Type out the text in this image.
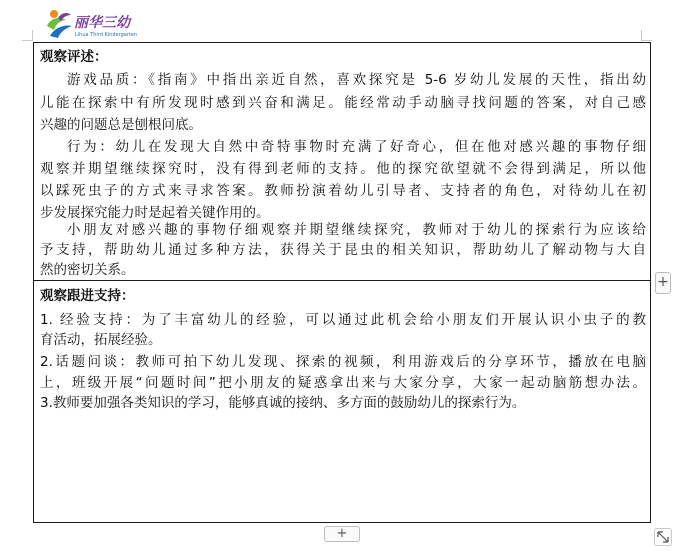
丽华三幼
Lihua Third Kindergarten
观察评述：
游戏品质：《指南》中指出亲近自然，喜欢探究是 5-6 岁幼儿发展的天性，指出幼
儿能在探索中有所发现时感到兴奋和满足。能经常动手动脑寻找问题的答案，对自己感
兴趣的问题总是刨根问底。
行为：幼儿在发现大自然中奇特事物时充满了好奇心，但在他对感兴趣的事物仔细
观察并期望继续探究时，没有得到老师的支持。他的探究欲望就不会得到满足，所以他
以踩死虫子的方式来寻求答案。教师扮演着幼儿引导者、支持者的角色，对待幼儿在初
步发展探究能力时是起着关键作用的。
小朋友对感兴趣的事物仔细观察并期望继续探究，教师对于幼儿的探索行为应该给
予支持，帮助幼儿通过多种方法，获得关于昆虫的相关知识，帮助幼儿了解动物与大自
然的密切关系。
观察跟进支持：
1. 经验支持：为了丰富幼儿的经验，可以通过此机会给小朋友们开展认识小虫子的教
育活动，拓展经验。
2.话题问谈：教师可拍下幼儿发现、探索的视频，利用游戏后的分享环节，播放在电脑
上，班级开展“问题时间”把小朋友的疑惑拿出来与大家分享，大家一起动脑筋想办法。
3.教师要加强各类知识的学习，能够真诚的接纳、多方面的鼓励幼儿的探索行为。
+
+
